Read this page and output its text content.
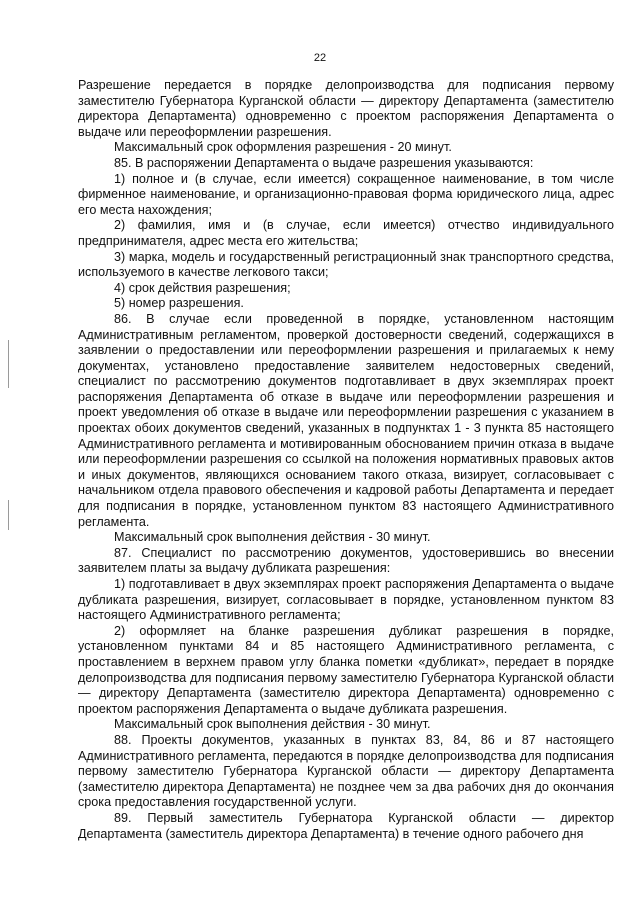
22

Разрешение передается в порядке делопроизводства для подписания первому заместителю Губернатора Курганской области — директору Департамента (заместителю директора Департамента) одновременно с проектом распоряжения Департамента о выдаче или переоформлении разрешения.

Максимальный срок оформления разрешения - 20 минут.

85. В распоряжении Департамента о выдаче разрешения указываются:

1) полное и (в случае, если имеется) сокращенное наименование, в том числе фирменное наименование, и организационно-правовая форма юридического лица, адрес его места нахождения;

2) фамилия, имя и (в случае, если имеется) отчество индивидуального предпринимателя, адрес места его жительства;

3) марка, модель и государственный регистрационный знак транспортного средства, используемого в качестве легкового такси;

4) срок действия разрешения;

5) номер разрешения.

86. В случае если проведенной в порядке, установленном настоящим Административным регламентом, проверкой достоверности сведений, содержащихся в заявлении о предоставлении или переоформлении разрешения и прилагаемых к нему документах, установлено предоставление заявителем недостоверных сведений, специалист по рассмотрению документов подготавливает в двух экземплярах проект распоряжения Департамента об отказе в выдаче или переоформлении разрешения и проект уведомления об отказе в выдаче или переоформлении разрешения с указанием в проектах обоих документов сведений, указанных в подпунктах 1 - 3 пункта 85 настоящего Административного регламента и мотивированным обоснованием причин отказа в выдаче или переоформлении разрешения со ссылкой на положения нормативных правовых актов и иных документов, являющихся основанием такого отказа, визирует, согласовывает с начальником отдела правового обеспечения и кадровой работы Департамента и передает для подписания в порядке, установленном пунктом 83 настоящего Административного регламента.

Максимальный срок выполнения действия - 30 минут.

87. Специалист по рассмотрению документов, удостоверившись во внесении заявителем платы за выдачу дубликата разрешения:

1) подготавливает в двух экземплярах проект распоряжения Департамента о выдаче дубликата разрешения, визирует, согласовывает в порядке, установленном пунктом 83 настоящего Административного регламента;

2) оформляет на бланке разрешения дубликат разрешения в порядке, установленном пунктами 84 и 85 настоящего Административного регламента, с проставлением в верхнем правом углу бланка пометки «дубликат», передает в порядке делопроизводства для подписания первому заместителю Губернатора Курганской области — директору Департамента (заместителю директора Департамента) одновременно с проектом распоряжения Департамента о выдаче дубликата разрешения.

Максимальный срок выполнения действия - 30 минут.

88. Проекты документов, указанных в пунктах 83, 84, 86 и 87 настоящего Административного регламента, передаются в порядке делопроизводства для подписания первому заместителю Губернатора Курганской области — директору Департамента (заместителю директора Департамента) не позднее чем за два рабочих дня до окончания срока предоставления государственной услуги.

89. Первый заместитель Губернатора Курганской области — директор Департамента (заместитель директора Департамента) в течение одного рабочего дня
